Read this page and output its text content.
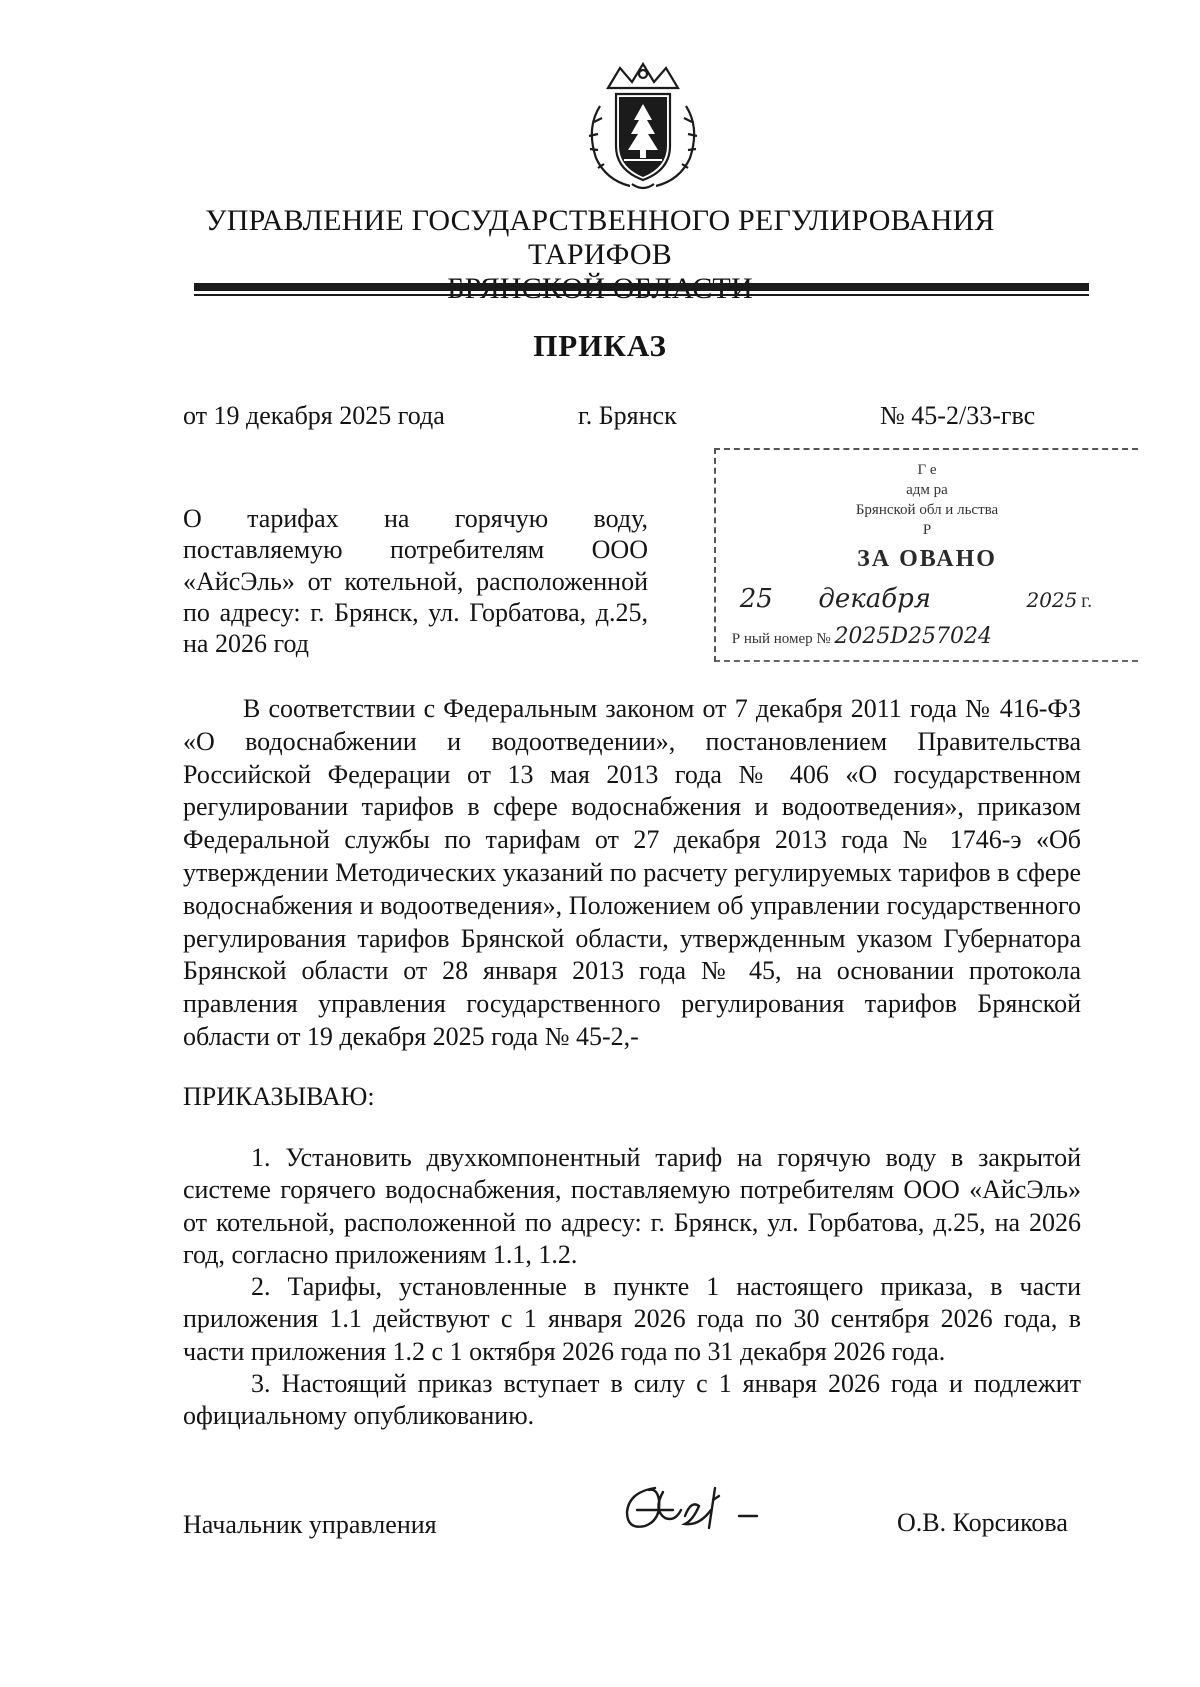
УПРАВЛЕНИЕ ГОСУДАРСТВЕННОГО РЕГУЛИРОВАНИЯ ТАРИФОВ
ПРИКАЗ
от 19 декабря 2025 года	г. Брянск	№ 45-2/33-гвс
О тарифах на горячую воду, поставляемую потребителям ООО «АйсЭль» от котельной, расположенной по адресу: г. Брянск, ул. Горбатова, д.25, на 2026 год
Г е
адм ра
Брянской обл и льства
Р
ЗА ОВАНО
25 декабря	2025 г.
Р ный номер № 2025D257024

В соответствии с Федеральным законом от 7 декабря 2011 года № 416-ФЗ «О водоснабжении и водоотведении», постановлением Правительства Российской Федерации от 13 мая 2013 года № 406 «О государственном регулировании тарифов в сфере водоснабжения и водоотведения», приказом Федеральной службы по тарифам от 27 декабря 2013 года № 1746-э «Об утверждении Методических указаний по расчету регулируемых тарифов в сфере водоснабжения и водоотведения», Положением об управлении государственного регулирования тарифов Брянской области, утвержденным указом Губернатора Брянской области от 28 января 2013 года № 45, на основании протокола правления управления государственного регулирования тарифов Брянской области от 19 декабря 2025 года № 45-2,-

ПРИКАЗЫВАЮ:

1. Установить двухкомпонентный тариф на горячую воду в закрытой системе горячего водоснабжения, поставляемую потребителям ООО «АйсЭль» от котельной, расположенной по адресу: г. Брянск, ул. Горбатова, д.25, на 2026 год, согласно приложениям 1.1, 1.2.

2. Тарифы, установленные в пункте 1 настоящего приказа, в части приложения 1.1 действуют с 1 января 2026 года по 30 сентября 2026 года, в части приложения 1.2 с 1 октября 2026 года по 31 декабря 2026 года.

3. Настоящий приказ вступает в силу с 1 января 2026 года и подлежит официальному опубликованию.

Начальник управления	О.В. Корсикова
